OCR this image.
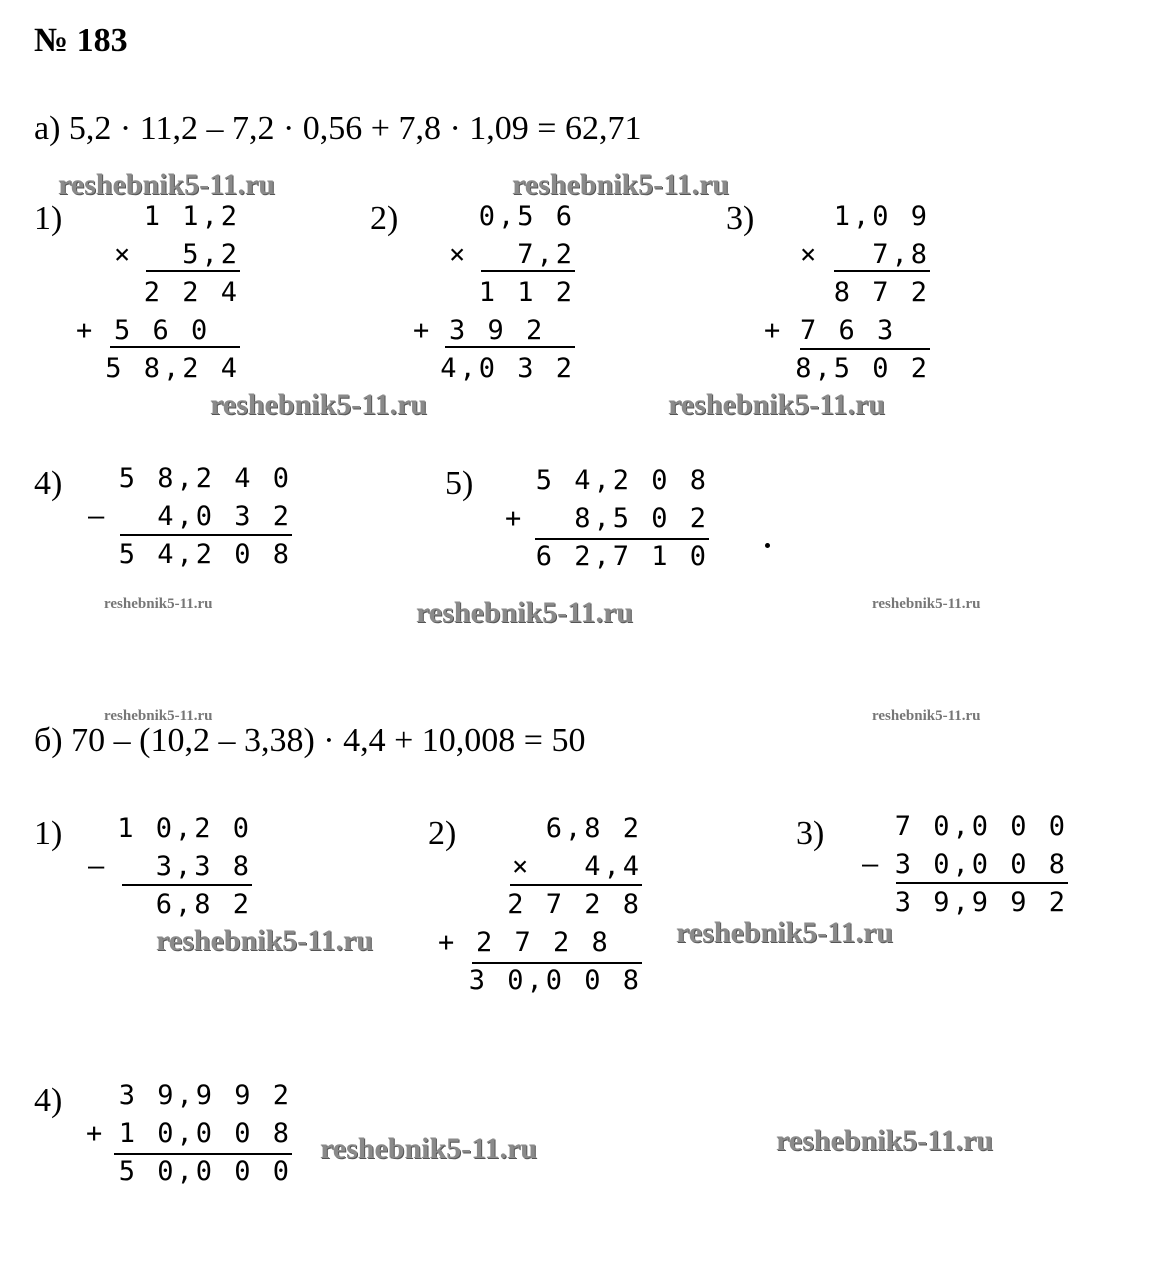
№ 183
а) 5,2 · 11,2 – 7,2 · 0,56 + 7,8 · 1,09 = 62,71
б) 70 – (10,2 – 3,38) · 4,4 + 10,008 = 50
1)	1 1,2
× 5,2
2 2 4
+ 5 6 0
5 8,2 4
2)	0,5 6
× 7,2
1 1 2
+ 3 9 2
4,0 3 2
3)	1,0 9
× 7,8
8 7 2
+ 7 6 3
8,5 0 2
4) 5 8,2 4 0
– 4,0 3 2
5 4,2 0 8
5) 5 4,2 0 8
+ 8,5 0 2
6 2,7 1 0
1) 1 0,2 0
– 3,3 8
6,8 2
2)	6,8 2
× 4,4
2 7 2 8
+ 2 7 2 8
3 0,0 0 8
3)	7 0,0 0 0
– 3 0,0 0 8
3 9,9 9 2
4) 3 9,9 9 2
+ 1 0,0 0 8
5 0,0 0 0
reshebnik5-11.ru	reshebnik5-11.ru
reshebnik5-11.ru	reshebnik5-11.ru
reshebnik5-11.ru	reshebnik5-11.ru	reshebnik5-11.ru
reshebnik5-11.ru	reshebnik5-11.ru
reshebnik5-11.ru	reshebnik5-11.ru
reshebnik5-11.ru	reshebnik5-11.ru
